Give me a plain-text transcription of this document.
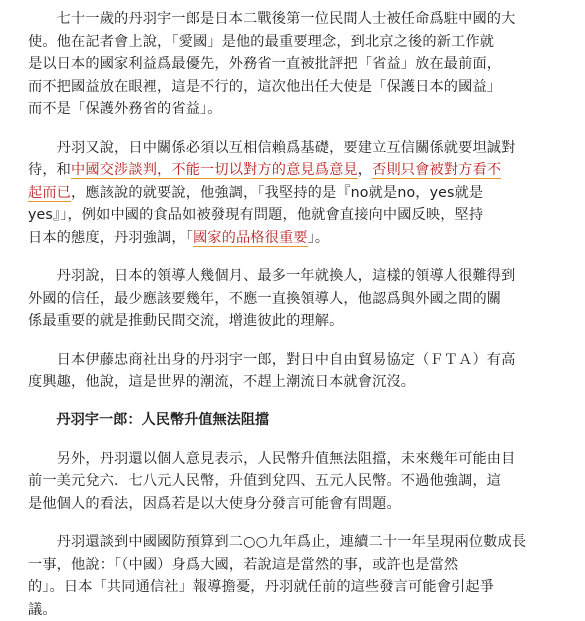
　　七十一歲的丹羽宇一郎是日本二戰後第一位民間人士被任命爲駐中國的大
使。他在記者會上說，「愛國」是他的最重要理念，到北京之後的新工作就
是以日本的國家利益爲最優先，外務省一直被批評把「省益」放在最前面，
而不把國益放在眼裡，這是不行的，這次他出任大使是「保護日本的國益」
而不是「保護外務省的省益」。

　　丹羽又說，日中關係必須以互相信賴爲基礎，要建立互信關係就要坦誠對
待，和中國交涉談判，不能一切以對方的意見爲意見，否則只會被對方看不
起而已，應該說的就要說，他強調，「我堅持的是『no就是no，yes就是
yes』」，例如中國的食品如被發現有問題，他就會直接向中國反映，堅持
日本的態度，丹羽強調，「國家的品格很重要」。

　　丹羽說，日本的領導人幾個月、最多一年就換人，這樣的領導人很難得到
外國的信任，最少應該要幾年，不應一直換領導人，他認爲與外國之間的關
係最重要的就是推動民間交流，增進彼此的理解。

　　日本伊藤忠商社出身的丹羽宇一郎，對日中自由貿易協定（ＦＴＡ）有高
度興趣，他說，這是世界的潮流，不趕上潮流日本就會沉沒。

　　丹羽宇一郎：人民幣升值無法阻擋

　　另外，丹羽還以個人意見表示，人民幣升值無法阻擋，未來幾年可能由目
前一美元兌六．七八元人民幣，升值到兌四、五元人民幣。不過他強調，這
是他個人的看法，因爲若是以大使身分發言可能會有問題。

　　丹羽還談到中國國防預算到二○○九年爲止，連續二十一年呈現兩位數成長
一事，他說：「（中國）身爲大國，若說這是當然的事，或許也是當然
的」。日本「共同通信社」報導擔憂，丹羽就任前的這些發言可能會引起爭
議。
